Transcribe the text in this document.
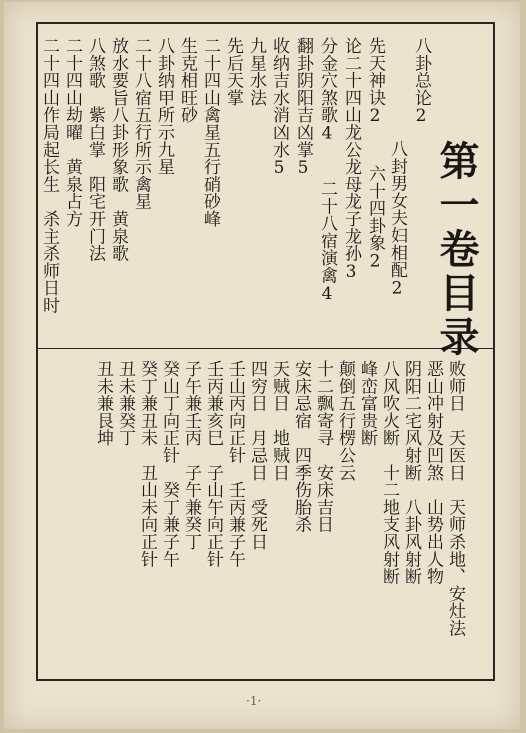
第一卷目录
八卦总论2
八封男女夫妇相配2
先天神诀2
六十四卦象2
论二十四山龙公龙母龙子龙孙3
分金穴煞歌4
二十八宿演禽4
翻卦阴阳吉凶掌5
收纳吉水消凶水5
九星水法
先后天掌
二十四山禽星五行硝砂峰
生克相旺砂
八卦纳甲所示九星
二十八宿五行所示禽星
放水要旨八卦形象歌　黄泉歌
八煞歌　紫白掌　阳宅开门法
二十四山劫曜　黄泉占方
二十四山作局起长生　杀主杀师日时
败师日　天医日　天师杀地、安灶法
恶山冲射及凹煞　山势出人物
阴阳二宅风射断　八卦风射断
八风吹火断　十二地支风射断
峰峦富贵断
颠倒五行楞公云
十二飘寄寻　安床吉日
安床忌宿　四季伤胎杀
天贼日　地贼日
四穷日　月忌日　受死日
壬山丙向正针　壬丙兼子午
壬丙兼亥巳　子山午向正针
子午兼壬丙　子午兼癸丁
癸山丁向正针　癸丁兼子午
癸丁兼丑未　丑山未向正针
丑未兼癸丁
丑未兼艮坤
·1·
